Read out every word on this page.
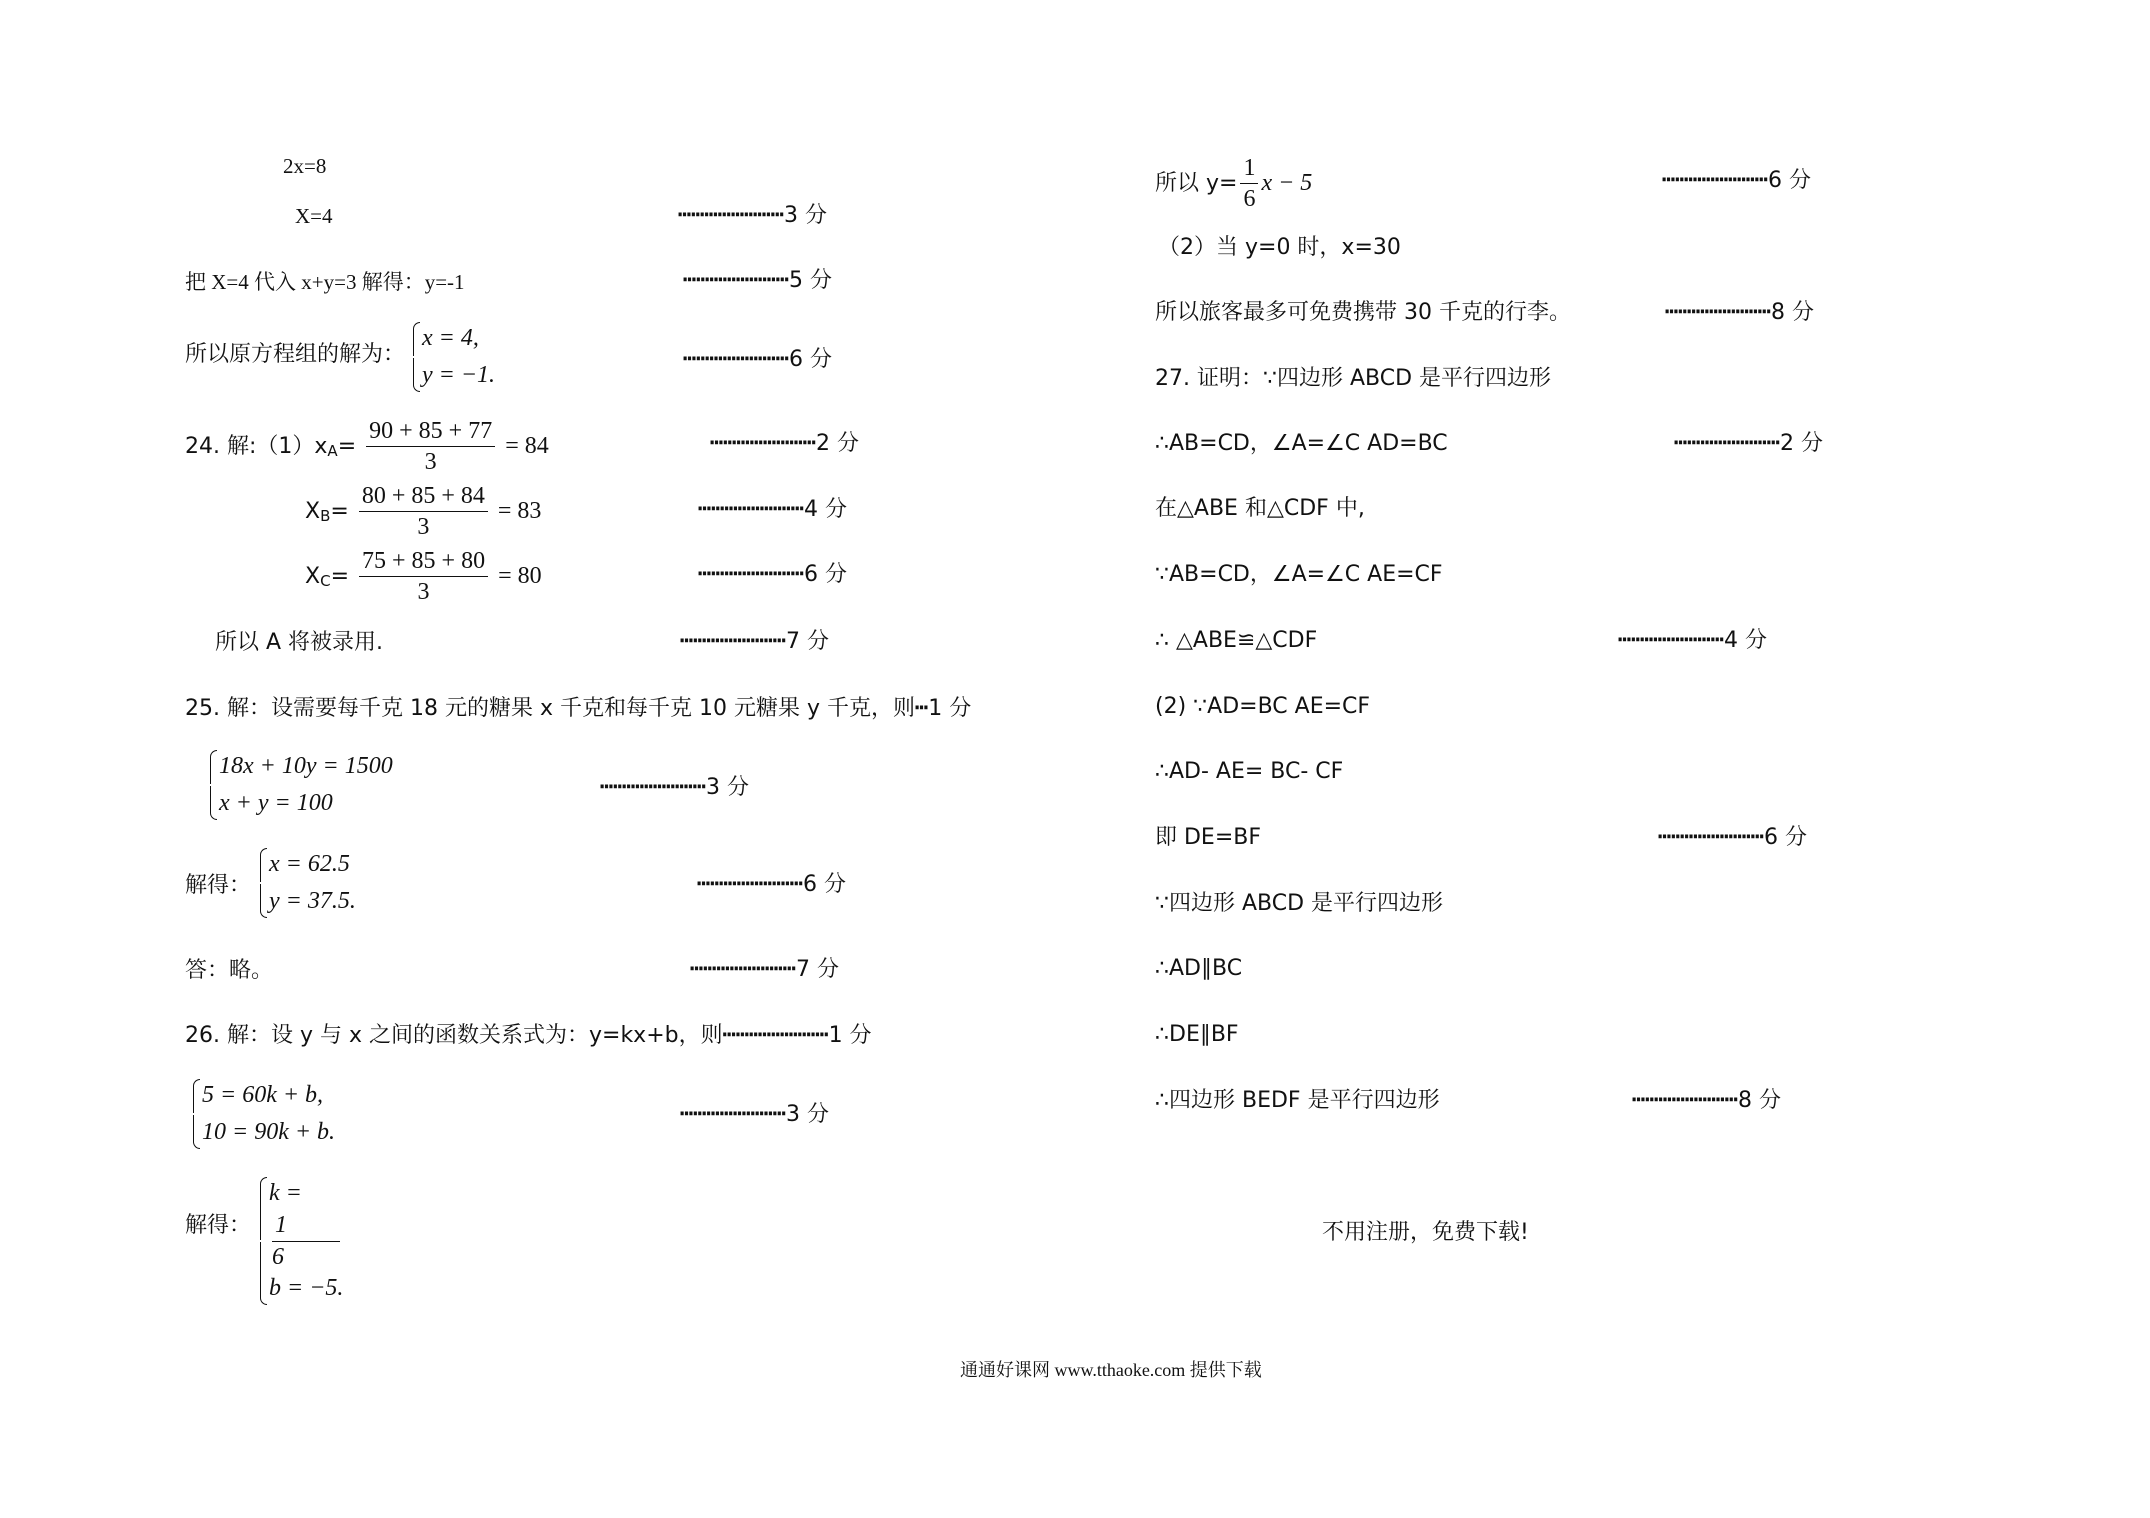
2x=8
X=4	┅┅┅┅┅┅┅┅3 分
把 X=4 代入 x+y=3 解得：y=-1	┅┅┅┅┅┅┅┅5 分
所以原方程组的解为：
x = 4,
y = −1.
┅┅┅┅┅┅┅┅6 分
24. 解$:(1)x_A= \frac{90 + 85 + 77}{3} = 84$	┅┅┅┅┅┅┅┅2 分
$X_B= \frac{80 + 85 + 84}{3} = 83$	┅┅┅┅┅┅┅┅4 分
$X_C= \frac{75 + 85 + 80}{3} = 80$	┅┅┅┅┅┅┅┅6 分
所以 A 将被录用.	┅┅┅┅┅┅┅┅7 分
25. 解：设需要每千克 18 元的糖果 x 千克和每千克 10 元糖果 y 千克，则┅1 分
18x + 10y = 1500
x + y = 100
┅┅┅┅┅┅┅┅3 分
解得：
x = 62.5
y = 37.5.
┅┅┅┅┅┅┅┅6 分
答：略。	┅┅┅┅┅┅┅┅7 分
26. 解：设 y 与 x 之间的函数关系式为：y=kx+b，则┅┅┅┅┅┅┅┅1 分
5 = 60k + b,
10 = 90k + b.
┅┅┅┅┅┅┅┅3 分
解得：
k =
1
6
b = −5.
所以 $y= \frac{1}{6}$ x − 5	┅┅┅┅┅┅┅┅6 分
（2）当 y=0 时，x=30
所以旅客最多可免费携带 30 千克的行李。	┅┅┅┅┅┅┅┅8 分
27. 证明：∵四边形 ABCD 是平行四边形
∴AB=CD，∠A=∠C AD=BC	┅┅┅┅┅┅┅┅2 分
在△ABE 和△CDF 中,
∵AB=CD，∠A=∠C AE=CF
∴ △ABE≌△CDF	┅┅┅┅┅┅┅┅4 分
(2) ∵AD=BC AE=CF
∴AD- AE= BC- CF
即 DE=BF	┅┅┅┅┅┅┅┅6 分
∵四边形 ABCD 是平行四边形
∴AD∥BC
∴DE∥BF
∴四边形 BEDF 是平行四边形	┅┅┅┅┅┅┅┅8 分
不用注册，免费下载!
通通好课网 www.tthaoke.com 提供下载
